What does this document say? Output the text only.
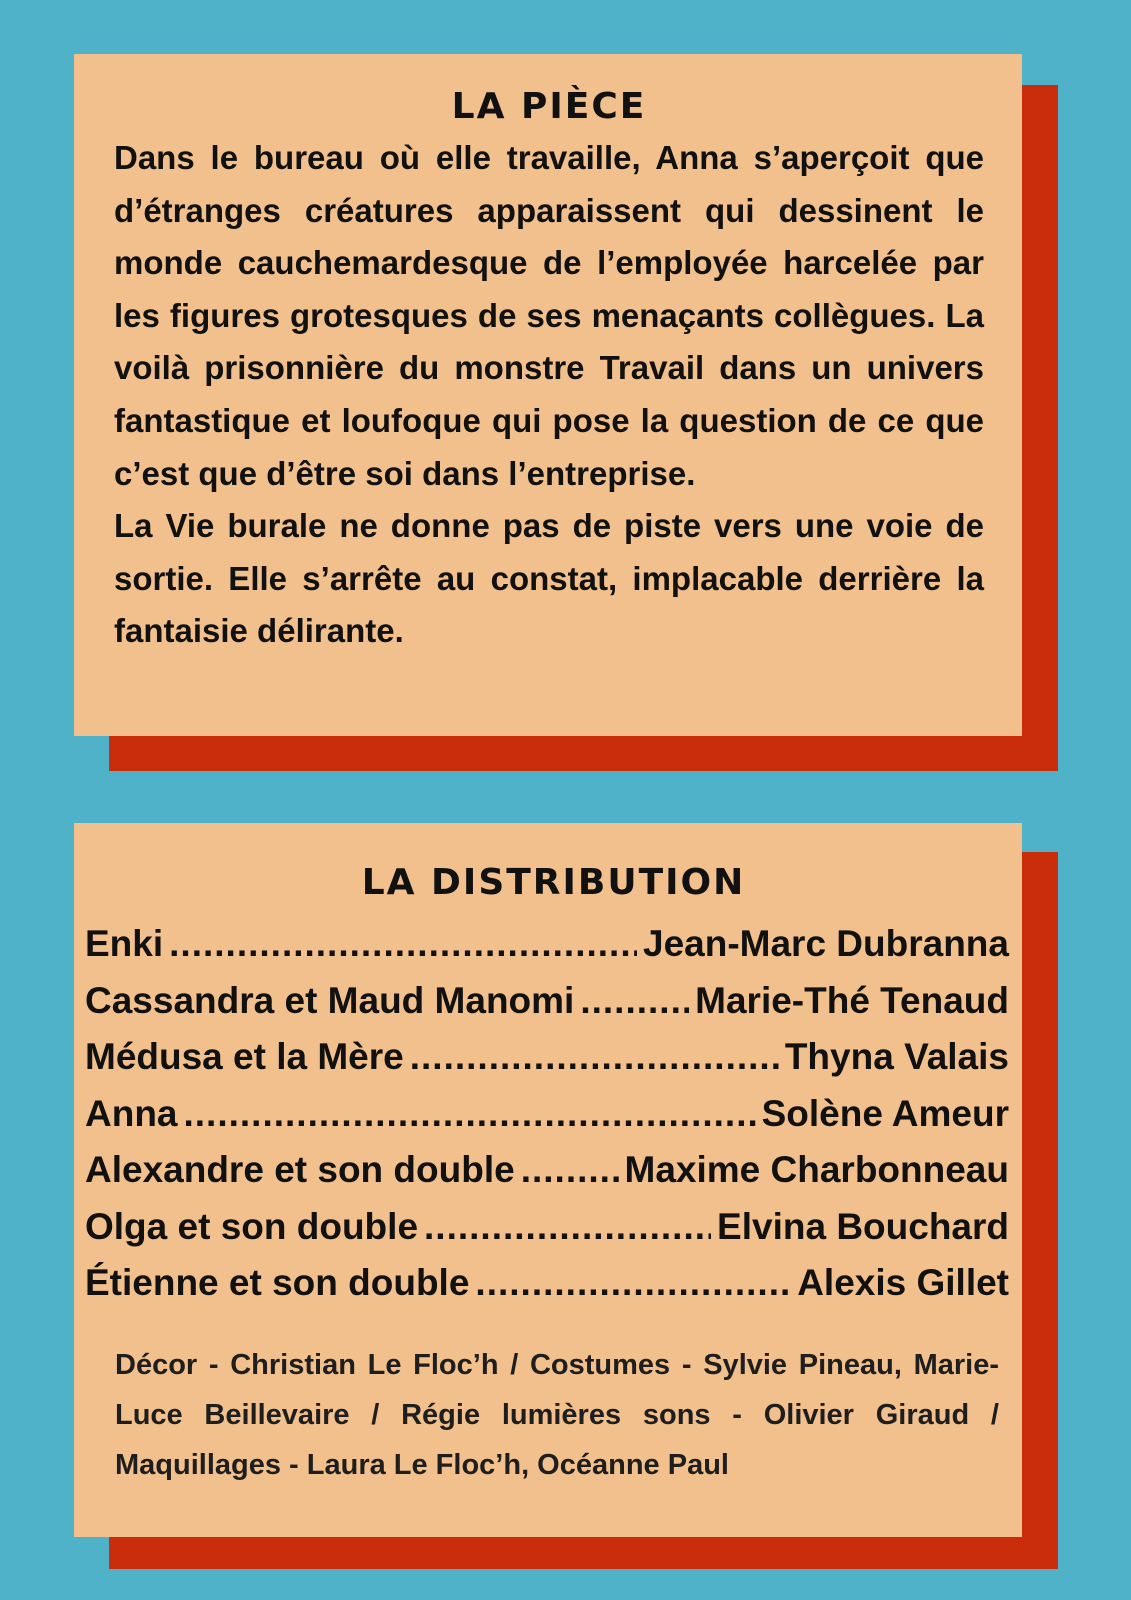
LA PIÈCE

Dans le bureau où elle travaille, Anna s’aperçoit que d’étranges créatures apparaissent qui dessinent le monde cauchemardesque de l’employée harcelée par les figures grotesques de ses menaçants collègues. La voilà prisonnière du monstre Travail dans un univers fantastique et loufoque qui pose la question de ce que c’est que d’être soi dans l’entreprise.

La Vie burale ne donne pas de piste vers une voie de sortie. Elle s’arrête au constat, implacable derrière la fantaisie délirante.

LA DISTRIBUTION
Enki .....	Jean-Marc Dubranna
Cassandra et Maud Manomi .....	Marie-Thé Tenaud
Médusa et la Mère .....	Thyna Valais
Anna .....	Solène Ameur
Alexandre et son double .....	Maxime Charbonneau
Olga et son double .....	Elvina Bouchard
Étienne et son double .....	Alexis Gillet

Décor - Christian Le Floc’h / Costumes - Sylvie Pineau, Marie-Luce Beillevaire / Régie lumières sons - Olivier Giraud / Maquillages - Laura Le Floc’h, Océanne Paul
